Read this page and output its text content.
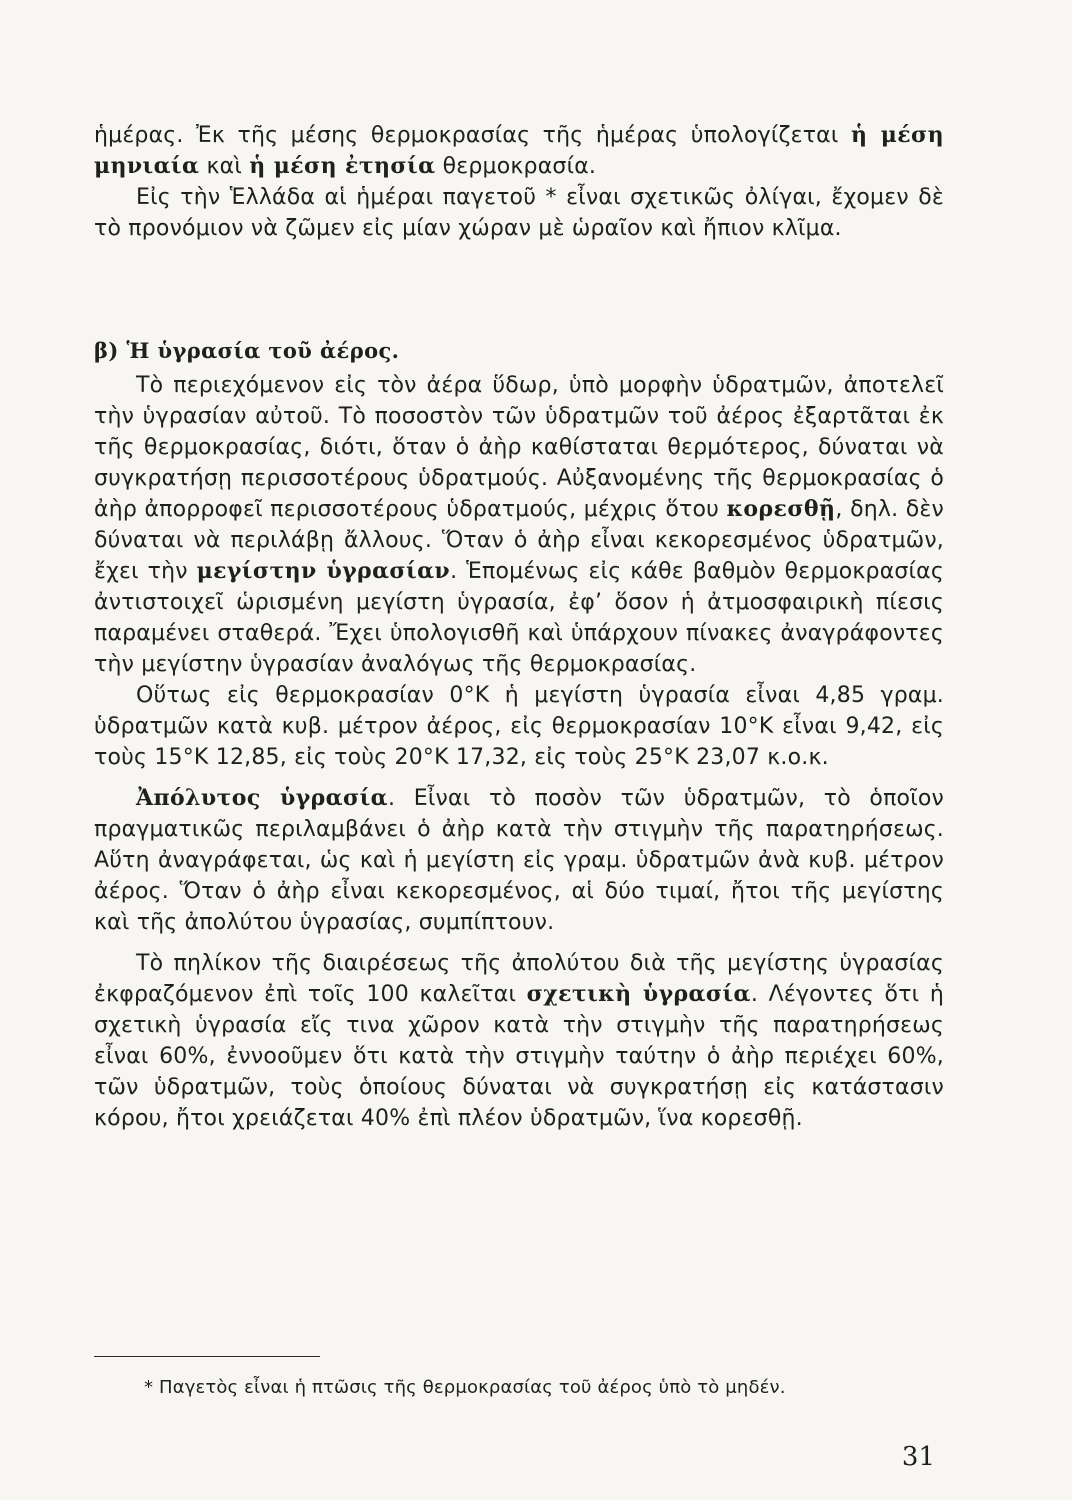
ἡμέρας. Ἐκ τῆς μέσης θερμοκρασίας τῆς ἡμέρας ὑπολογίζεται ἡ μέση μηνιαία καὶ ἡ μέση ἐτησία θερμοκρασία.

Εἰς τὴν Ἑλλάδα αἱ ἡμέραι παγετοῦ * εἶναι σχετικῶς ὀλίγαι, ἔχομεν δὲ τὸ προνόμιον νὰ ζῶμεν εἰς μίαν χώραν μὲ ὡραῖον καὶ ἤπιον κλῖμα.

β) Ἡ ὑγρασία τοῦ ἀέρος.

Τὸ περιεχόμενον εἰς τὸν ἀέρα ὕδωρ, ὑπὸ μορφὴν ὑδρατμῶν, ἀποτελεῖ τὴν ὑγρασίαν αὐτοῦ. Τὸ ποσοστὸν τῶν ὑδρατμῶν τοῦ ἀέρος ἐξαρτᾶται ἐκ τῆς θερμοκρασίας, διότι, ὅταν ὁ ἀὴρ καθίσταται θερμότερος, δύναται νὰ συγκρατήσῃ περισσοτέρους ὑδρατμούς. Αὐξανομένης τῆς θερμοκρασίας ὁ ἀὴρ ἀπορροφεῖ περισσοτέρους ὑδρατμούς, μέχρις ὅτου κορεσθῇ, δηλ. δὲν δύναται νὰ περιλάβῃ ἄλλους. Ὅταν ὁ ἀὴρ εἶναι κεκορεσμένος ὑδρατμῶν, ἔχει τὴν μεγίστην ὑγρασίαν. Ἑπομένως εἰς κάθε βαθμὸν θερμοκρασίας ἀντιστοιχεῖ ὡρισμένη μεγίστη ὑγρασία, ἐφ’ ὅσον ἡ ἀτμοσφαιρικὴ πίεσις παραμένει σταθερά. Ἔχει ὑπολογισθῆ καὶ ὑπάρχουν πίνακες ἀναγράφοντες τὴν μεγίστην ὑγρασίαν ἀναλόγως τῆς θερμοκρασίας.

Οὕτως εἰς θερμοκρασίαν 0°Κ ἡ μεγίστη ὑγρασία εἶναι 4,85 γραμ. ὑδρατμῶν κατὰ κυβ. μέτρον ἀέρος, εἰς θερμοκρασίαν 10°Κ εἶναι 9,42, εἰς τοὺς 15°Κ 12,85, εἰς τοὺς 20°Κ 17,32, εἰς τοὺς 25°Κ 23,07 κ.ο.κ.

Ἀπόλυτος ὑγρασία. Εἶναι τὸ ποσὸν τῶν ὑδρατμῶν, τὸ ὁποῖον πραγματικῶς περιλαμβάνει ὁ ἀὴρ κατὰ τὴν στιγμὴν τῆς παρατηρήσεως. Αὕτη ἀναγράφεται, ὡς καὶ ἡ μεγίστη εἰς γραμ. ὑδρατμῶν ἀνὰ κυβ. μέτρον ἀέρος. Ὅταν ὁ ἀὴρ εἶναι κεκορεσμένος, αἱ δύο τιμαί, ἤτοι τῆς μεγίστης καὶ τῆς ἀπολύτου ὑγρασίας, συμπίπτουν.

Τὸ πηλίκον τῆς διαιρέσεως τῆς ἀπολύτου διὰ τῆς μεγίστης ὑγρασίας ἐκφραζόμενον ἐπὶ τοῖς 100 καλεῖται σχετικὴ ὑγρασία. Λέγοντες ὅτι ἡ σχετικὴ ὑγρασία εἴς τινα χῶρον κατὰ τὴν στιγμὴν τῆς παρατηρήσεως εἶναι 60%, ἐννοοῦμεν ὅτι κατὰ τὴν στιγμὴν ταύτην ὁ ἀὴρ περιέχει 60%, τῶν ὑδρατμῶν, τοὺς ὁποίους δύναται νὰ συγκρατήσῃ εἰς κατάστασιν κόρου, ἤτοι χρειάζεται 40% ἐπὶ πλέον ὑδρατμῶν, ἵνα κορεσθῇ.

* Παγετὸς εἶναι ἡ πτῶσις τῆς θερμοκρασίας τοῦ ἀέρος ὑπὸ τὸ μηδέν.
31
